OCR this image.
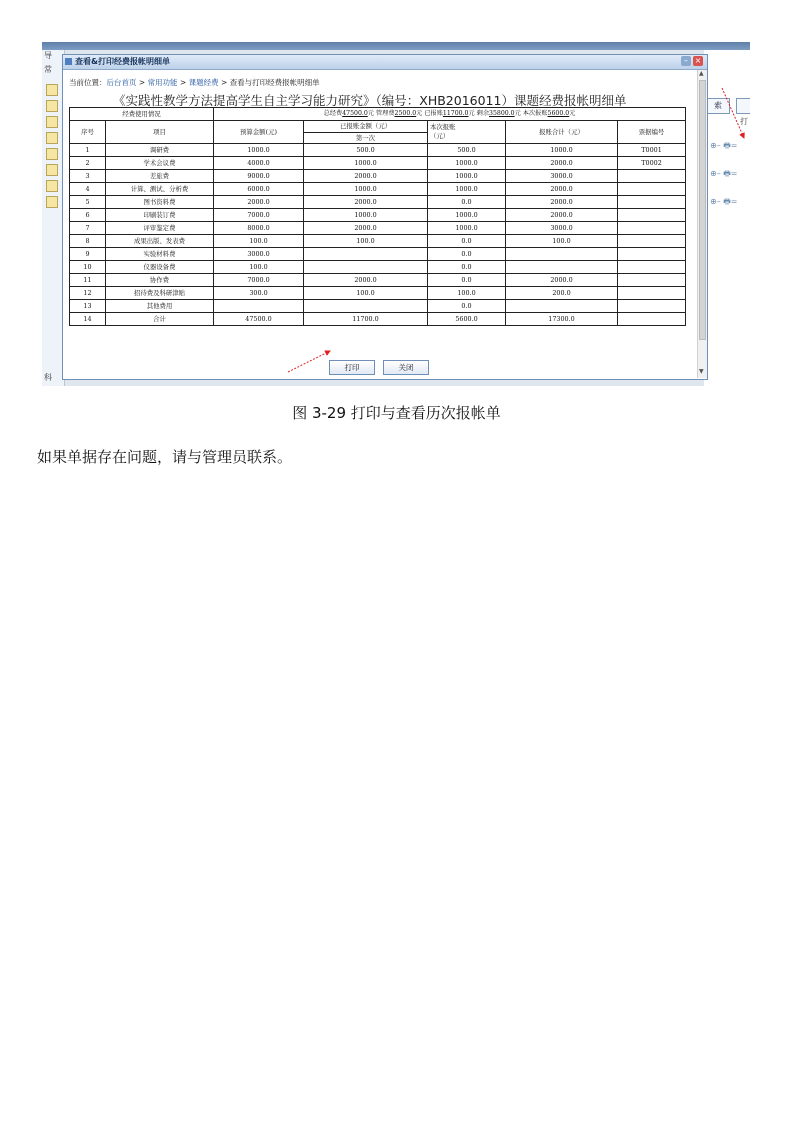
导
常
科
索
打
⊕– 🖶=
⊕– 🖶=
⊕– 🖶=
查看&打印经费报帐明细单	– ×
当前位置：后台首页 > 常用功能 > 课题经费 > 查看与打印经费报帐明细单
《实践性教学方法提高学生自主学习能力研究》（编号：XHB2016011）课题经费报帐明细单
经费使用情况		总经费47500.0元 管理费2500.0元 已报账11700.0元 剩余35800.0元 本次报账5600.0元				
序号	项目	预算金额(元)	已报账金额（元）	本次报账
（元）	报账合计（元）	票据编号
			第一次			
1	调研费	1000.0	500.0	500.0	1000.0	T0001
2	学术会议费	4000.0	1000.0	1000.0	2000.0	T0002
3	差旅费	9000.0	2000.0	1000.0	3000.0	
4	计算、测试、分析费	6000.0	1000.0	1000.0	2000.0	
5	图书资料费	2000.0	2000.0	0.0	2000.0	
6	印刷装订费	7000.0	1000.0	1000.0	2000.0	
7	评审鉴定费	8000.0	2000.0	1000.0	3000.0	
8	成果出版、发表费	100.0	100.0	0.0	100.0	
9	实验材料费	3000.0		0.0		
10	仪器设备费	100.0		0.0		
11	协作费	7000.0	2000.0	0.0	2000.0	
12	招待费及科研津贴	300.0	100.0	100.0	200.0	
13	其他费用			0.0		
14	合计	47500.0	11700.0	5600.0	17300.0	
打印	关闭
▲
▼
图 3-29 打印与查看历次报帐单
如果单据存在问题，请与管理员联系。
